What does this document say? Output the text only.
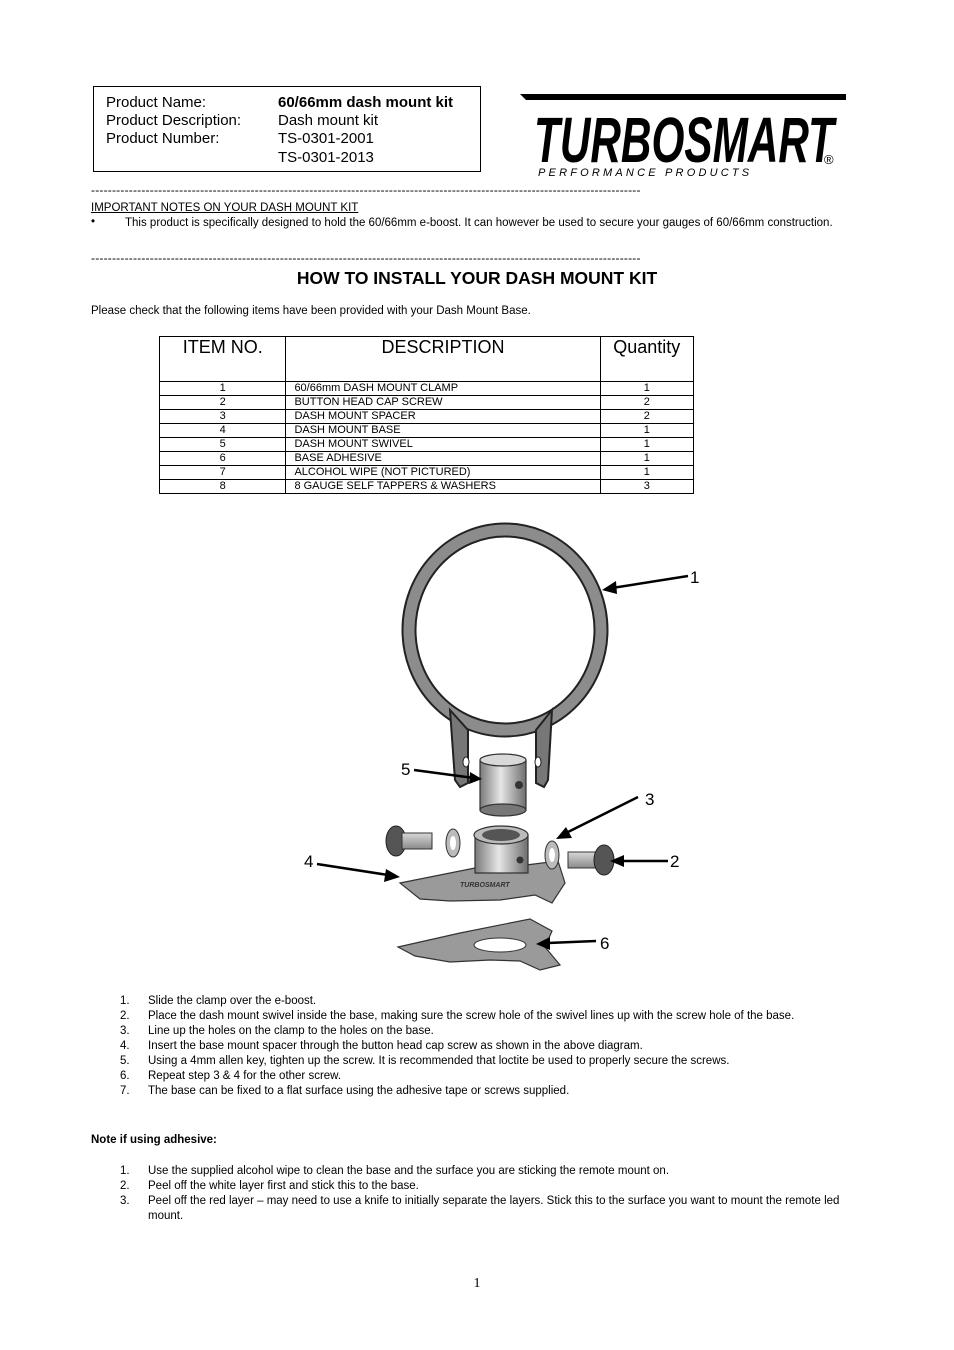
Product Name:	60/66mm dash mount kit
Product Description:	Dash mount kit
Product Number:	TS-0301-2001
TS-0301-2013	TURBOSMART
®
PERFORMANCE PRODUCTS
-----------------------------------------------------------------------------------------------------------------------------------
IMPORTANT NOTES ON YOUR DASH MOUNT KIT
•	This product is specifically designed to hold the 60/66mm e-boost. It can however be used to secure your gauges of 60/66mm construction.
-----------------------------------------------------------------------------------------------------------------------------------
HOW TO INSTALL YOUR DASH MOUNT KIT
Please check that the following items have been provided with your Dash Mount Base.
ITEM NO.	DESCRIPTION	Quantity
1	60/66mm DASH MOUNT CLAMP	1
2	BUTTON HEAD CAP SCREW	2
3	DASH MOUNT SPACER	2
4	DASH MOUNT BASE	1
5	DASH MOUNT SWIVEL	1
6	BASE ADHESIVE	1
7	ALCOHOL WIPE (NOT PICTURED)	1
8	8 GAUGE SELF TAPPERS & WASHERS	3
TURBOSMART
1
2
3
4
5
6
1. Slide the clamp over the e-boost.
2. Place the dash mount swivel inside the base, making sure the screw hole of the swivel lines up with the screw hole of the base.
3. Line up the holes on the clamp to the holes on the base.
4. Insert the base mount spacer through the button head cap screw as shown in the above diagram.
5. Using a 4mm allen key, tighten up the screw. It is recommended that loctite be used to properly secure the screws.
6. Repeat step 3 & 4 for the other screw.
7. The base can be fixed to a flat surface using the adhesive tape or screws supplied.
Note if using adhesive:
1. Use the supplied alcohol wipe to clean the base and the surface you are sticking the remote mount on.
2. Peel off the white layer first and stick this to the base.
3. Peel off the red layer – may need to use a knife to initially separate the layers. Stick this to the surface you want to mount the remote led mount.
1
